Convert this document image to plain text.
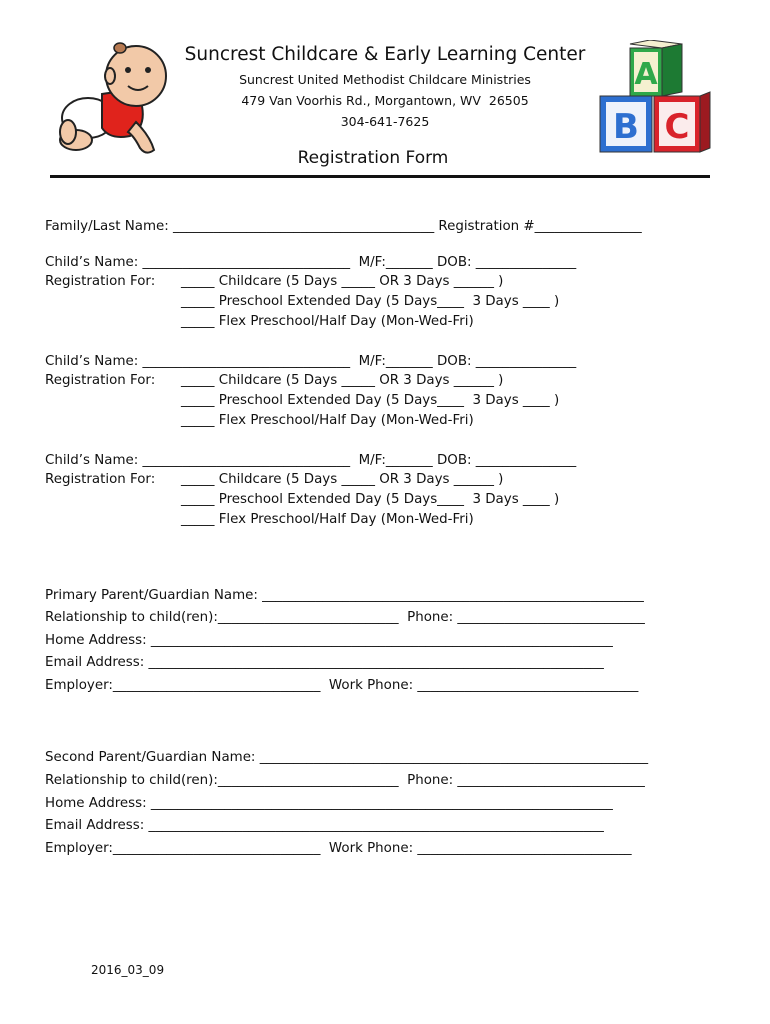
A
B C
Suncrest Childcare & Early Learning Center
Suncrest United Methodist Childcare Ministries
479 Van Voorhis Rd., Morgantown, WV  26505
304-641-7625
Registration Form
Family/Last Name: _______________________________________ Registration #________________
Child’s Name: _______________________________  M/F:_______ DOB: _______________
Registration For: _____ Childcare (5 Days _____ OR 3 Days ______ )
_____ Preschool Extended Day (5 Days____  3 Days ____ )
_____ Flex Preschool/Half Day (Mon-Wed-Fri)
Child’s Name: _______________________________  M/F:_______ DOB: _______________
Registration For: _____ Childcare (5 Days _____ OR 3 Days ______ )
_____ Preschool Extended Day (5 Days____  3 Days ____ )
_____ Flex Preschool/Half Day (Mon-Wed-Fri)
Child’s Name: _______________________________  M/F:_______ DOB: _______________
Registration For: _____ Childcare (5 Days _____ OR 3 Days ______ )
_____ Preschool Extended Day (5 Days____  3 Days ____ )
_____ Flex Preschool/Half Day (Mon-Wed-Fri)
Primary Parent/Guardian Name: _________________________________________________________
Relationship to child(ren):___________________________  Phone: ____________________________
Home Address: _____________________________________________________________________
Email Address: ____________________________________________________________________
Employer:_______________________________  Work Phone: _________________________________
Second Parent/Guardian Name: __________________________________________________________
Relationship to child(ren):___________________________  Phone: ____________________________
Home Address: _____________________________________________________________________
Email Address: ____________________________________________________________________
Employer:_______________________________  Work Phone: ________________________________
2016_03_09
